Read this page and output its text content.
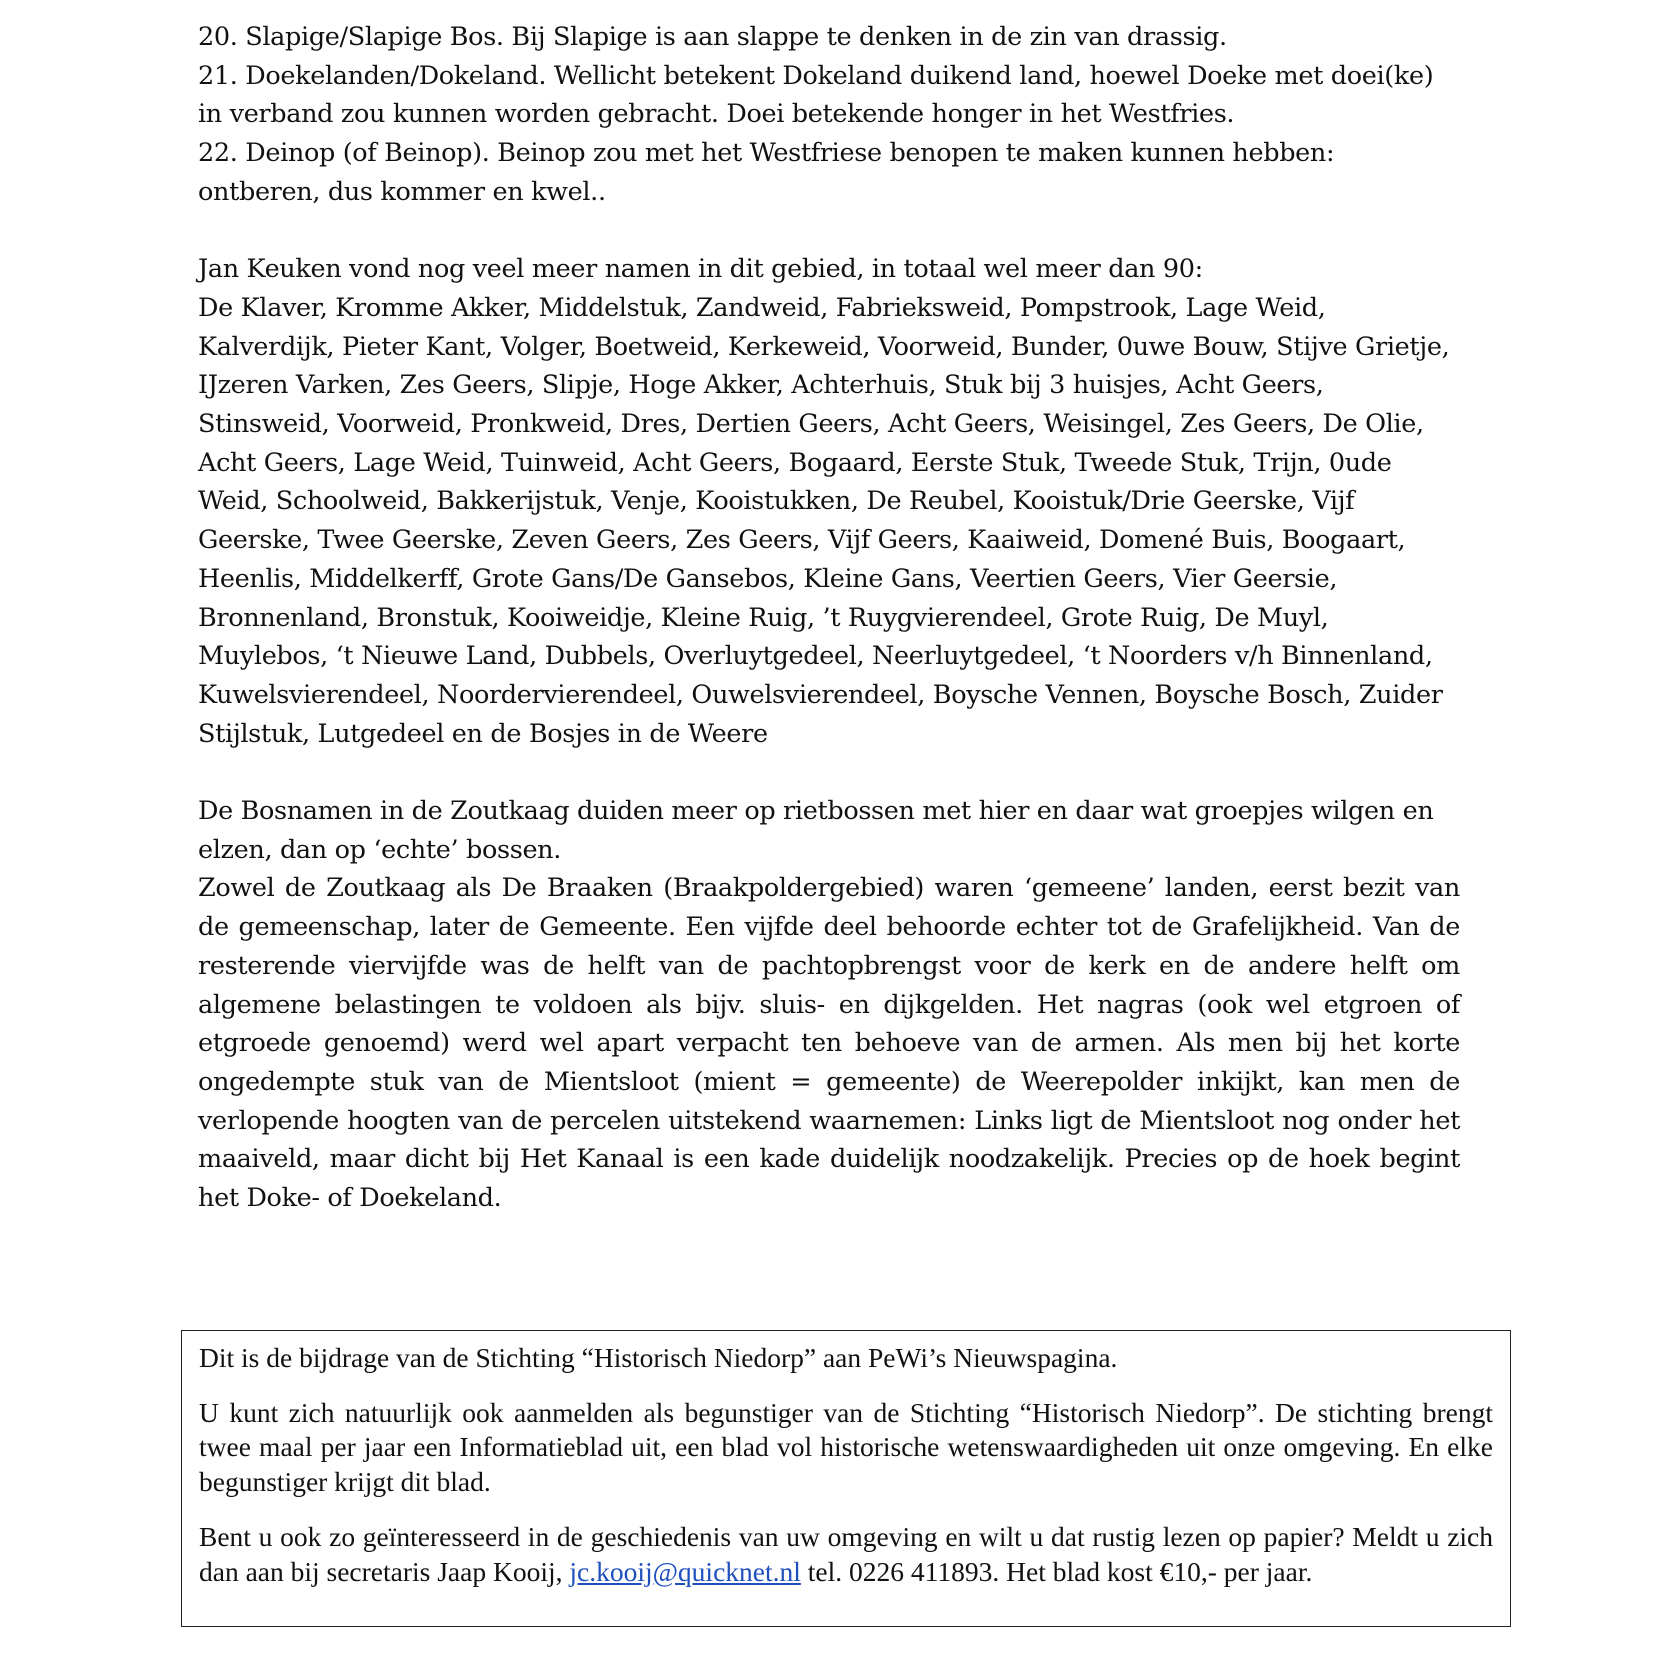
20. Slapige/Slapige Bos. Bij Slapige is aan slappe te denken in de zin van drassig.

21. Doekelanden/Dokeland. Wellicht betekent Dokeland duikend land, hoewel Doeke met doei(ke) in verband zou kunnen worden gebracht. Doei betekende honger in het Westfries.

22. Deinop (of Beinop). Beinop zou met het Westfriese benopen te maken kunnen hebben: ontberen, dus kommer en kwel..

Jan Keuken vond nog veel meer namen in dit gebied, in totaal wel meer dan 90:

De Klaver, Kromme Akker, Middelstuk, Zandweid, Fabrieksweid, Pompstrook, Lage Weid, Kalverdijk, Pieter Kant, Volger, Boetweid, Kerkeweid, Voorweid, Bunder, 0uwe Bouw, Stijve Grietje, IJzeren Varken, Zes Geers, Slipje, Hoge Akker, Achterhuis, Stuk bij 3 huisjes, Acht Geers, Stinsweid, Voorweid, Pronkweid, Dres, Dertien Geers, Acht Geers, Weisingel, Zes Geers, De Olie, Acht Geers, Lage Weid, Tuinweid, Acht Geers, Bogaard, Eerste Stuk, Tweede Stuk, Trijn, 0ude Weid, Schoolweid, Bakkerijstuk, Venje, Kooistukken, De Reubel, Kooistuk/Drie Geerske, Vijf Geerske, Twee Geerske, Zeven Geers, Zes Geers, Vijf Geers, Kaaiweid, Domené Buis, Boogaart, Heenlis, Middelkerff, Grote Gans/De Gansebos, Kleine Gans, Veertien Geers, Vier Geersie, Bronnenland, Bronstuk, Kooiweidje, Kleine Ruig, ’t Ruygvierendeel, Grote Ruig, De Muyl, Muylebos, ‘t Nieuwe Land, Dubbels, Overluytgedeel, Neerluytgedeel, ‘t Noorders v/h Binnenland, Kuwelsvierendeel, Noordervierendeel, Ouwelsvierendeel, Boysche Vennen, Boysche Bosch, Zuider Stijlstuk, Lutgedeel en de Bosjes in de Weere

De Bosnamen in de Zoutkaag duiden meer op rietbossen met hier en daar wat groepjes wilgen en elzen, dan op ‘echte’ bossen.

Zowel de Zoutkaag als De Braaken (Braakpoldergebied) waren ‘gemeene’ landen, eerst bezit van de gemeenschap, later de Gemeente. Een vijfde deel behoorde echter tot de Grafelijkheid. Van de resterende viervijfde was de helft van de pachtopbrengst voor de kerk en de andere helft om algemene belastingen te voldoen als bijv. sluis- en dijkgelden. Het nagras (ook wel etgroen of etgroede genoemd) werd wel apart verpacht ten behoeve van de armen. Als men bij het korte ongedempte stuk van de Mientsloot (mient = gemeente) de Weerepolder inkijkt, kan men de verlopende hoogten van de percelen uitstekend waarnemen: Links ligt de Mientsloot nog onder het maaiveld, maar dicht bij Het Kanaal is een kade duidelijk noodzakelijk. Precies op de hoek begint het Doke- of Doekeland.

Dit is de bijdrage van de Stichting “Historisch Niedorp” aan PeWi’s Nieuwspagina.

U kunt zich natuurlijk ook aanmelden als begunstiger van de Stichting “Historisch Niedorp”. De stichting brengt twee maal per jaar een Informatieblad uit, een blad vol historische wetenswaardigheden uit onze omgeving. En elke begunstiger krijgt dit blad.

Bent u ook zo geïnteresseerd in de geschiedenis van uw omgeving en wilt u dat rustig lezen op papier? Meldt u zich dan aan bij secretaris Jaap Kooij, jc.kooij@quicknet.nl tel. 0226 411893. Het blad kost €10,- per jaar.
